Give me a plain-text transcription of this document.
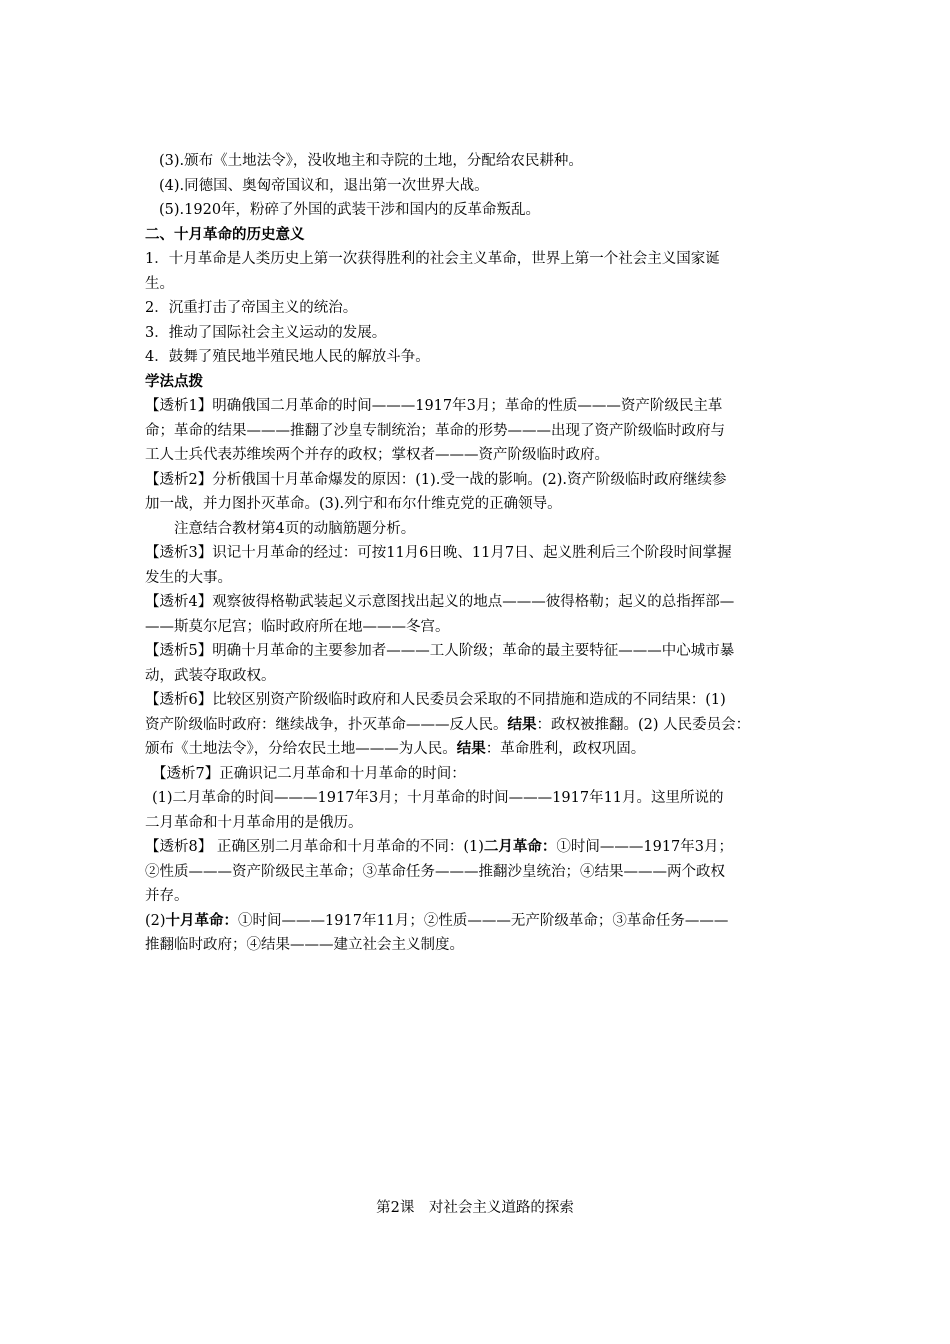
(3).颁布《土地法令》，没收地主和寺院的土地，分配给农民耕种。
(4).同德国、奥匈帝国议和，退出第一次世界大战。
(5).1920年，粉碎了外国的武装干涉和国内的反革命叛乱。
二、十月革命的历史意义
1．十月革命是人类历史上第一次获得胜利的社会主义革命，世界上第一个社会主义国家诞
生。
2．沉重打击了帝国主义的统治。
3．推动了国际社会主义运动的发展。
4．鼓舞了殖民地半殖民地人民的解放斗争。
学法点拨
【透析1】明确俄国二月革命的时间———1917年3月；革命的性质———资产阶级民主革
命；革命的结果———推翻了沙皇专制统治；革命的形势———出现了资产阶级临时政府与
工人士兵代表苏维埃两个并存的政权；掌权者———资产阶级临时政府。
【透析2】分析俄国十月革命爆发的原因：(1).受一战的影响。(2).资产阶级临时政府继续参
加一战，并力图扑灭革命。(3).列宁和布尔什维克党的正确领导。
注意结合教材第4页的动脑筋题分析。
【透析3】识记十月革命的经过：可按11月6日晚、11月7日、起义胜利后三个阶段时间掌握
发生的大事。
【透析4】观察彼得格勒武装起义示意图找出起义的地点———彼得格勒；起义的总指挥部—
——斯莫尔尼宫；临时政府所在地———冬宫。
【透析5】明确十月革命的主要参加者———工人阶级；革命的最主要特征———中心城市暴
动，武装夺取政权。
【透析6】比较区别资产阶级临时政府和人民委员会采取的不同措施和造成的不同结果：(1)
资产阶级临时政府：继续战争，扑灭革命———反人民。结果：政权被推翻。(2) 人民委员会：
颁布《土地法令》，分给农民土地———为人民。结果：革命胜利，政权巩固。
【透析7】正确识记二月革命和十月革命的时间：
(1)二月革命的时间———1917年3月；十月革命的时间———1917年11月。这里所说的
二月革命和十月革命用的是俄历。
【透析8】 正确区别二月革命和十月革命的不同：(1)二月革命：①时间———1917年3月；
②性质———资产阶级民主革命；③革命任务———推翻沙皇统治；④结果———两个政权
并存。
(2)十月革命：①时间———1917年11月；②性质———无产阶级革命；③革命任务———
推翻临时政府；④结果———建立社会主义制度。
第2课　对社会主义道路的探索
